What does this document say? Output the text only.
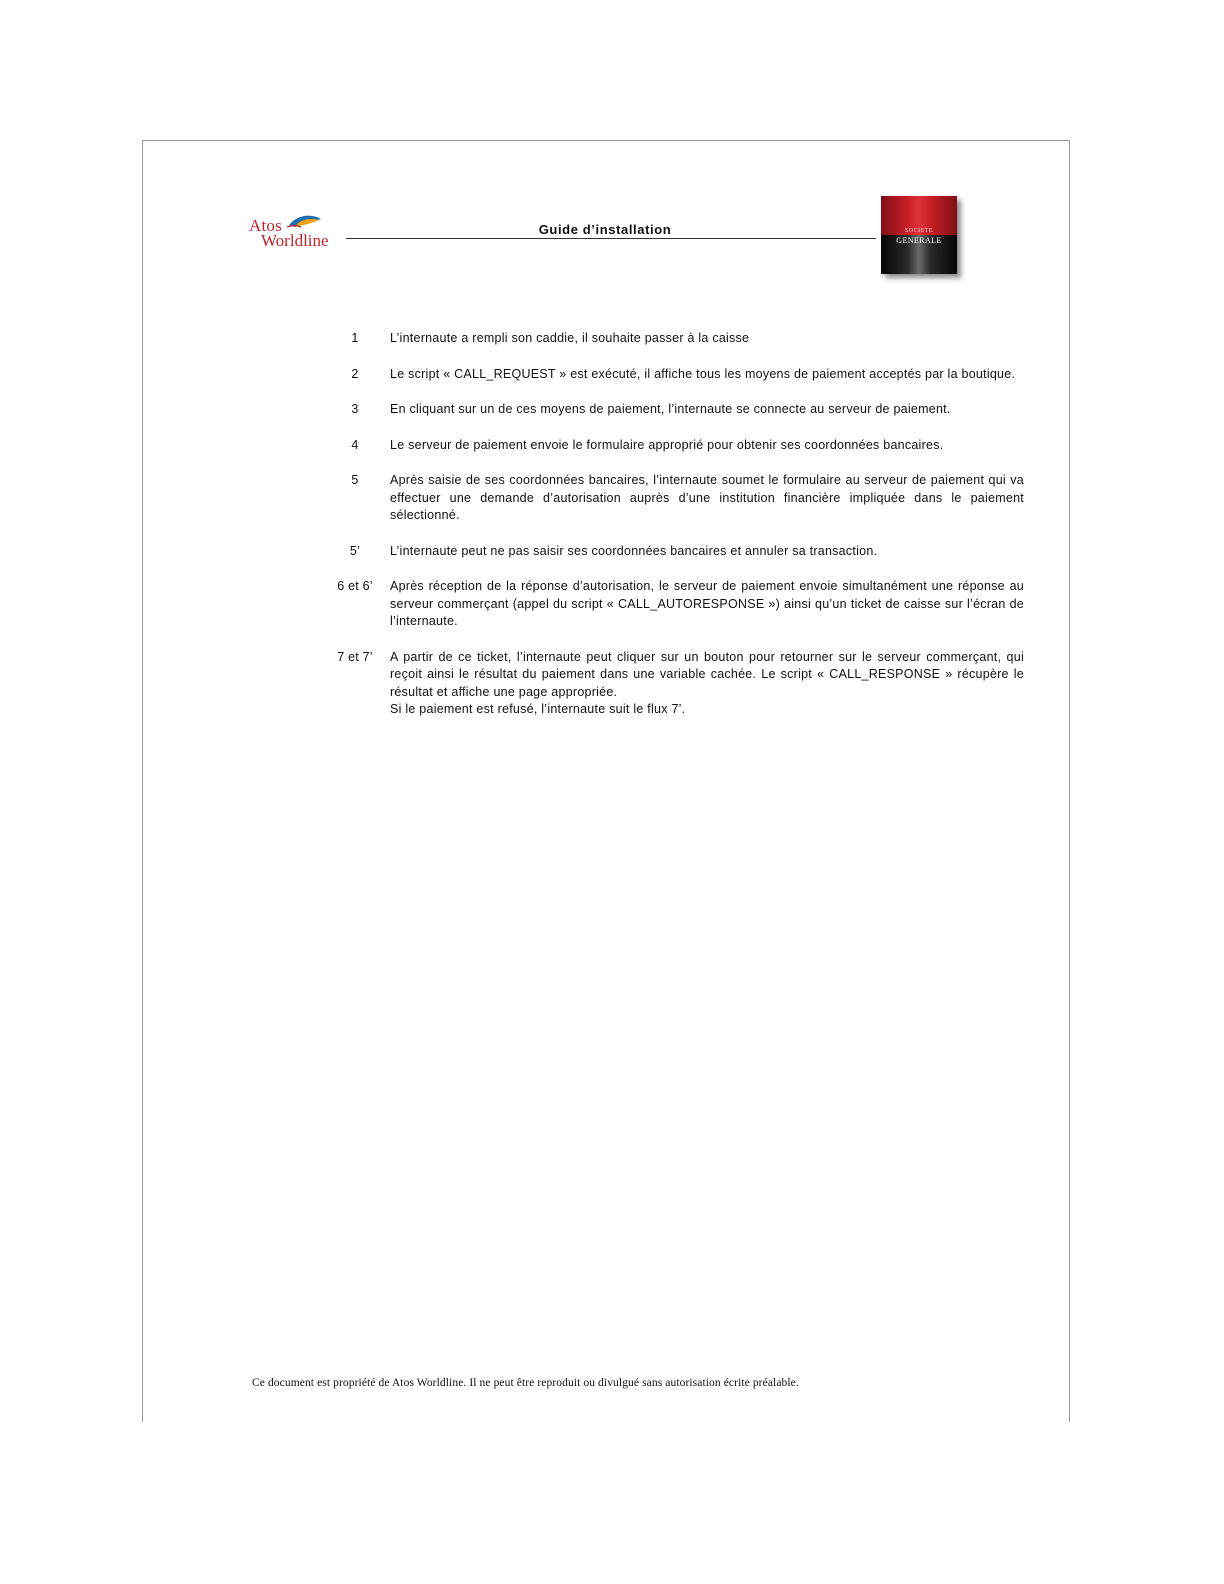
Atos
Worldline
Guide d’installation	SOCIETE
GENERALE
1	L’internaute a rempli son caddie, il souhaite passer à la caisse
2	Le script « CALL_REQUEST » est exécuté, il affiche tous les moyens de paiement acceptés par la boutique.
3	En cliquant sur un de ces moyens de paiement, l’internaute se connecte au serveur de paiement.
4	Le serveur de paiement envoie le formulaire approprié pour obtenir ses coordonnées bancaires.
5	Après saisie de ses coordonnées bancaires, l’internaute soumet le formulaire au serveur de paiement qui va effectuer une demande d’autorisation auprès d’une institution financière impliquée dans le paiement sélectionné.
5’	L’internaute peut ne pas saisir ses coordonnées bancaires et annuler sa transaction.
6 et 6’	Après réception de la réponse d’autorisation, le serveur de paiement envoie simultanément une réponse au serveur commerçant (appel du script « CALL_AUTORESPONSE ») ainsi qu’un ticket de caisse sur l’écran de l’internaute.
7 et 7’	A partir de ce ticket, l’internaute peut cliquer sur un bouton pour retourner sur le serveur commerçant, qui reçoit ainsi le résultat du paiement dans une variable cachée. Le script « CALL_RESPONSE » récupère le résultat et affiche une page appropriée.
Si le paiement est refusé, l’internaute suit le flux 7’.
Ce document est propriété de Atos Worldline. Il ne peut être reproduit ou divulgué sans autorisation écrite préalable.
